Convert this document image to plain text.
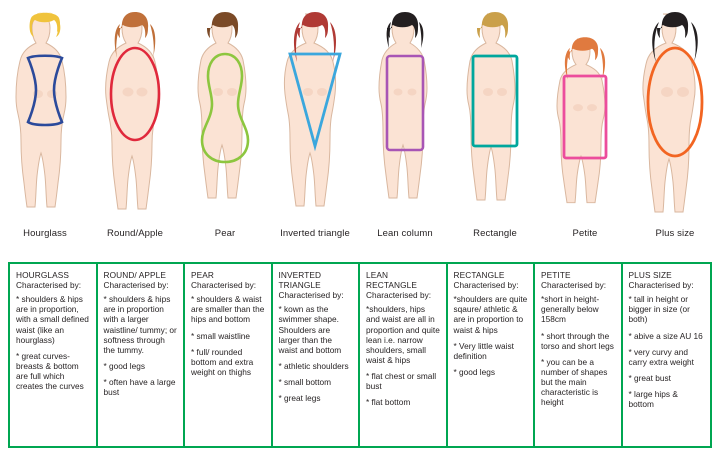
Hourglass	Round/Apple	Pear	Inverted triangle	Lean column	Rectangle	Petite	Plus size
HOURGLASS
Characterised by:
* shoulders & hips are in proportion, with a small defined waist (like an hourglass)
* great curves- breasts & bottom are full which creates the curves
ROUND/ APPLE
Characterised by:
* shoulders & hips are in proportion with a larger waistline/ tummy; or softness through the tummy.
* good legs
* often have a large bust
PEAR
Characterised by:
* shoulders & waist are smaller than the hips and bottom
* small waistline
* full/ rounded bottom and extra weight on thighs
INVERTED TRIANGLE
Characterised by:
* kown as the swimmer shape. Shoulders are larger than the waist and bottom
* athletic shoulders
* small bottom
* great legs
LEAN RECTANGLE
Characterised by:
*shoulders, hips and waist are all in proportion and quite lean i.e. narrow shoulders, small waist & hips
* flat chest or small bust
* flat bottom
RECTANGLE
Characterised by:
*shoulders are quite sqaure/ athletic & are in proportion to waist & hips
* Very little waist definition
* good legs
PETITE
Characterised by:
*short in height- generally below 158cm
* short through the torso and short legs
* you can be a number of shapes but the main characteristic is height
PLUS SIZE
Characterised by:
* tall in height or bigger in size (or both)
* abive a size AU 16
* very curvy and carry extra weight
* great bust
* large hips & bottom
